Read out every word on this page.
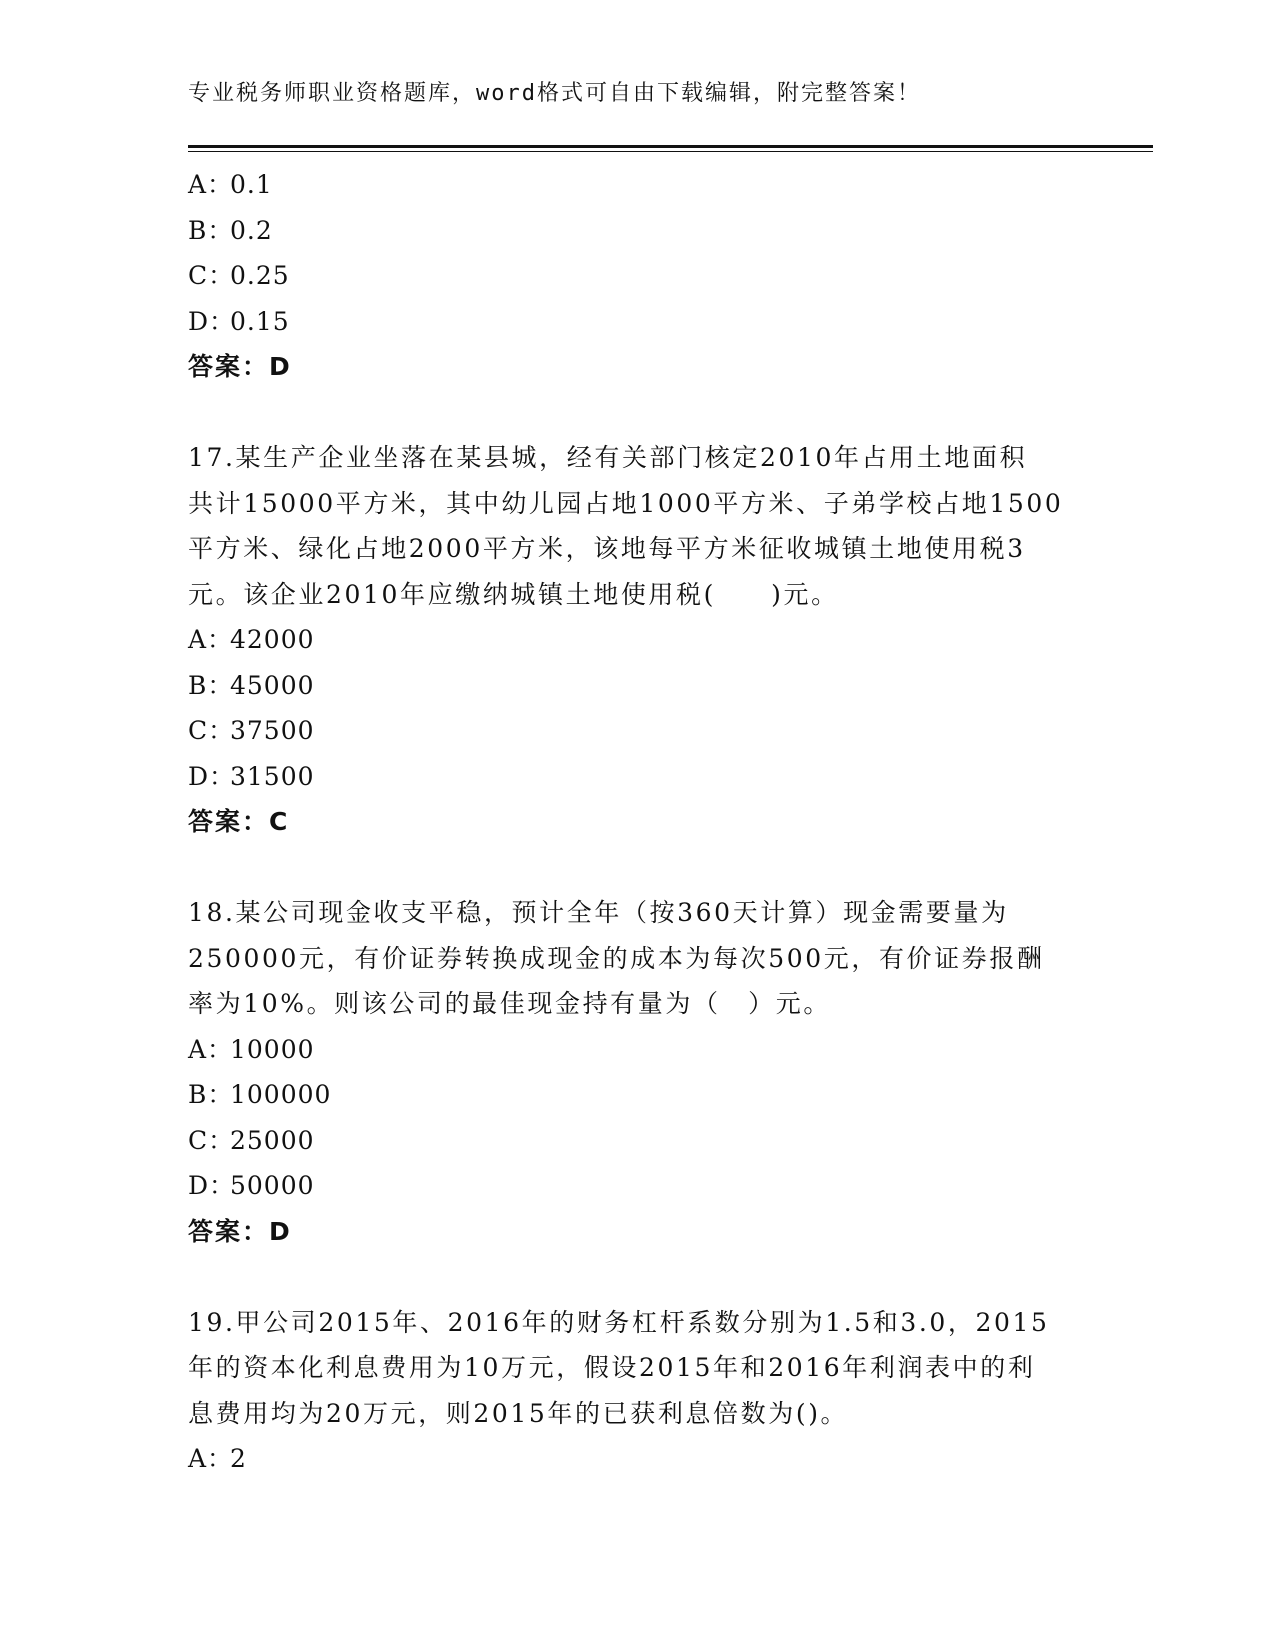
专业税务师职业资格题库，word格式可自由下载编辑，附完整答案！
A：0.1
B：0.2
C：0.25
D：0.15
答案：D
17.某生产企业坐落在某县城，经有关部门核定2010年占用土地面积
共计15000平方米，其中幼儿园占地1000平方米、子弟学校占地1500
平方米、绿化占地2000平方米，该地每平方米征收城镇土地使用税3
元。该企业2010年应缴纳城镇土地使用税(　　)元。
A：42000
B：45000
C：37500
D：31500
答案：C
18.某公司现金收支平稳，预计全年（按360天计算）现金需要量为
250000元，有价证券转换成现金的成本为每次500元，有价证券报酬
率为10%。则该公司的最佳现金持有量为（　）元。
A：10000
B：100000
C：25000
D：50000
答案：D
19.甲公司2015年、2016年的财务杠杆系数分别为1.5和3.0，2015
年的资本化利息费用为10万元，假设2015年和2016年利润表中的利
息费用均为20万元，则2015年的已获利息倍数为()。
A：2
